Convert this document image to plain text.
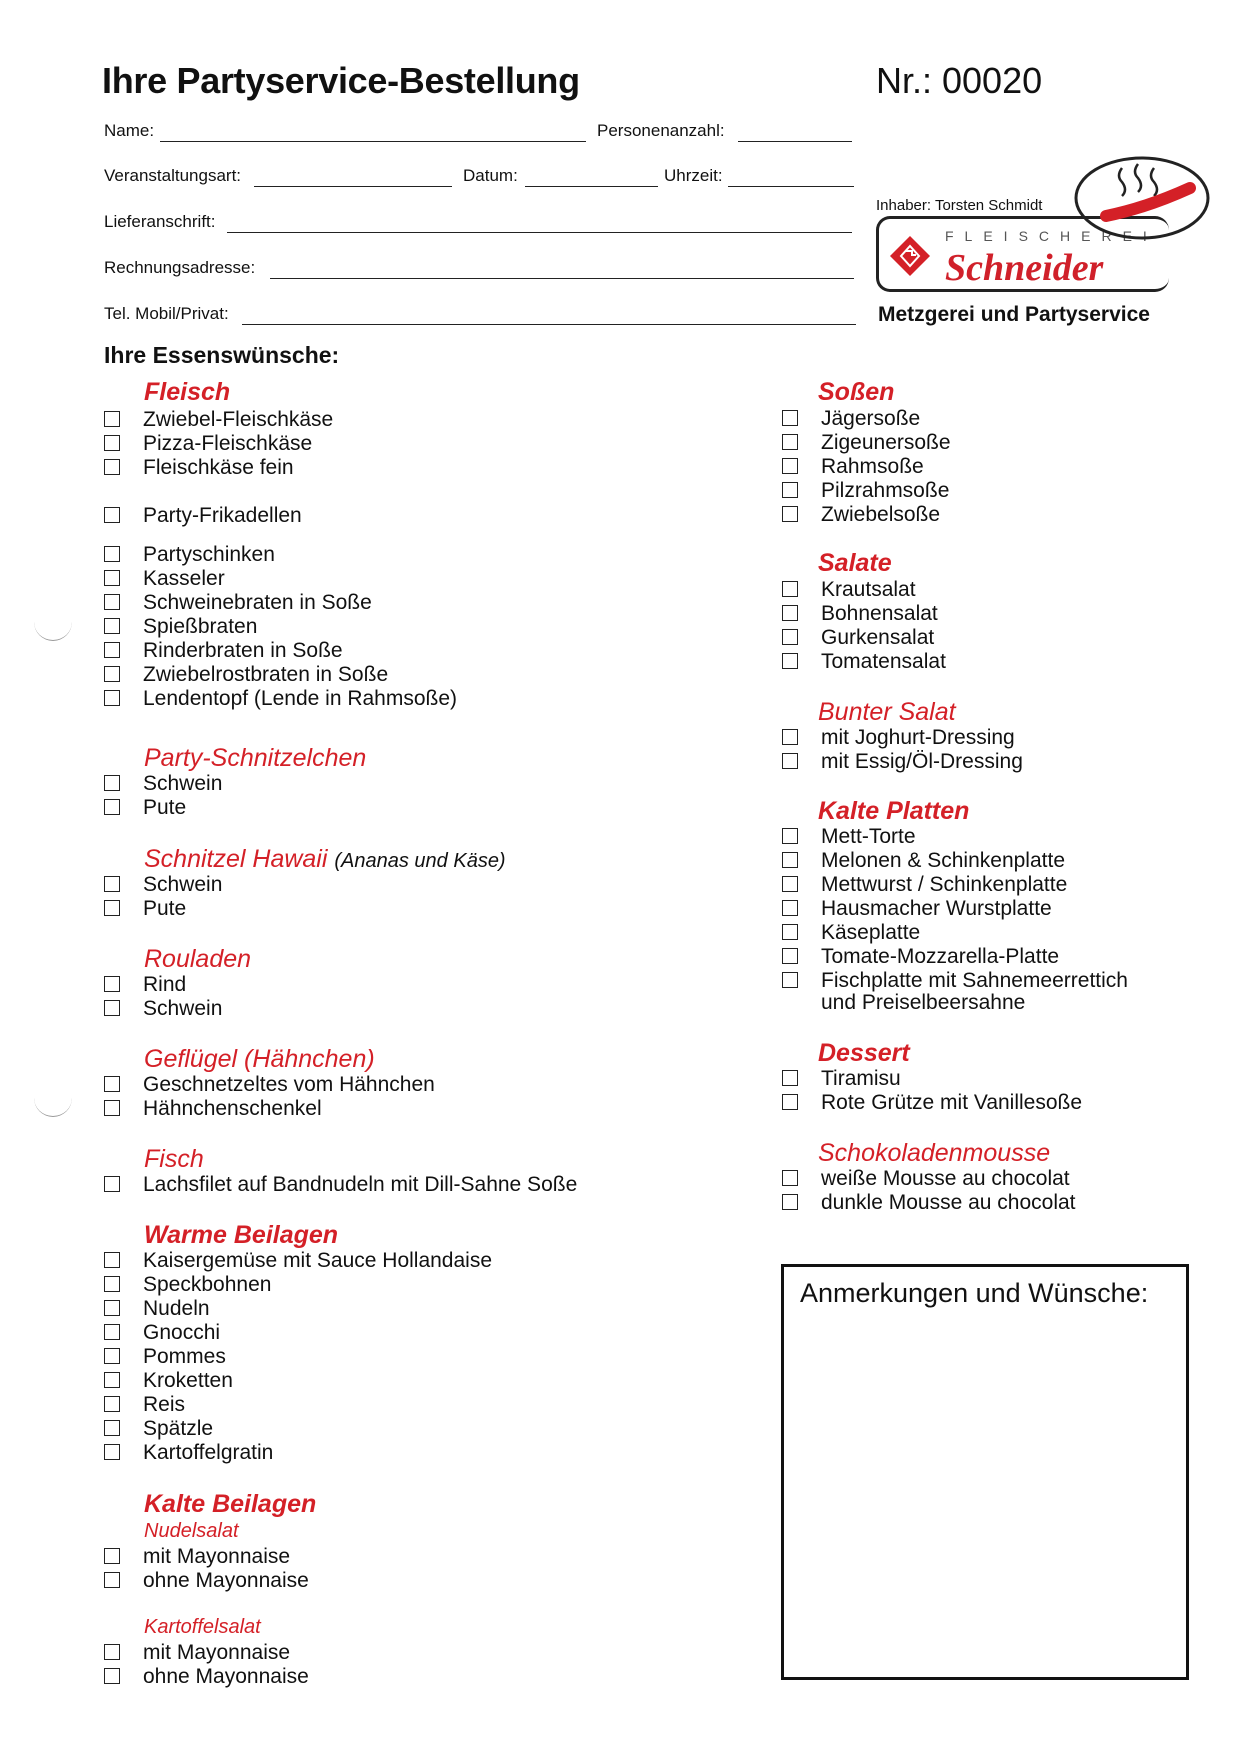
Ihre Partyservice-Bestellung	Nr.: 00020
Name:	Personenanzahl:
Veranstaltungsart:	Datum:	Uhrzeit:
Lieferanschrift:
Rechnungsadresse:
Tel. Mobil/Privat:
Inhaber: Torsten Schmidt
FLEISCHEREI
Schneider
Metzgerei und Partyservice
Ihre Essenswünsche:
Fleisch
Zwiebel-Fleischkäse
Pizza-Fleischkäse
Fleischkäse fein
Party-Frikadellen
Partyschinken
Kasseler
Schweinebraten in Soße
Spießbraten
Rinderbraten in Soße
Zwiebelrostbraten in Soße
Lendentopf (Lende in Rahmsoße)
Party-Schnitzelchen
Schwein
Pute
Schnitzel Hawaii (Ananas und Käse)
Schwein
Pute
Rouladen
Rind
Schwein
Geflügel (Hähnchen)
Geschnetzeltes vom Hähnchen
Hähnchenschenkel
Fisch
Lachsfilet auf Bandnudeln mit Dill-Sahne Soße
Warme Beilagen
Kaisergemüse mit Sauce Hollandaise
Speckbohnen
Nudeln
Gnocchi
Pommes
Kroketten
Reis
Spätzle
Kartoffelgratin
Kalte Beilagen
Nudelsalat
mit Mayonnaise
ohne Mayonnaise
Kartoffelsalat
mit Mayonnaise
ohne Mayonnaise
Soßen
Jägersoße
Zigeunersoße
Rahmsoße
Pilzrahmsoße
Zwiebelsoße
Salate
Krautsalat
Bohnensalat
Gurkensalat
Tomatensalat
Bunter Salat
mit Joghurt-Dressing
mit Essig/Öl-Dressing
Kalte Platten
Mett-Torte
Melonen & Schinkenplatte
Mettwurst / Schinkenplatte
Hausmacher Wurstplatte
Käseplatte
Tomate-Mozzarella-Platte
Fischplatte mit Sahnemeerrettich
und Preiselbeersahne
Dessert
Tiramisu
Rote Grütze mit Vanillesoße
Schokoladenmousse
weiße Mousse au chocolat
dunkle Mousse au chocolat
Anmerkungen und Wünsche:
